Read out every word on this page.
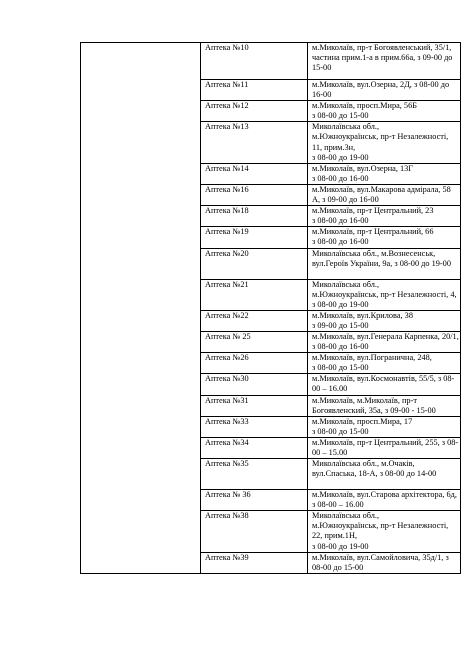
	Аптека №10	м.Миколаїв, пр-т Богоявленський, 35/1, частина прим.1-а в прим.66а, з 09-00 до 15-00
	Аптека №11	м.Миколаїв, вул.Озерна, 2Д, з 08-00 до 16-00
	Аптека №12	м.Миколаїв, просп.Мира, 56Б
з 08-00 до 15-00
	Аптека №13	Миколаївська обл.,
м.Южноукраїнськ, пр-т Незалежності, 11, прим.3н,
з 08-00 до 19-00
	Аптека №14	м.Миколаїв, вул.Озерна, 13Г
з 08-00 до 16-00
	Аптека №16	м.Миколаїв, вул.Макарова адмірала, 58 А, з 09-00 до 16-00
	Аптека №18	м.Миколаїв, пр-т Центральний, 23
з 08-00 до 16-00
	Аптека №19	м.Миколаїв, пр-т Центральний, 66
з 08-00 до 16-00
	Аптека №20	Миколаївська обл., м.Вознесенськ, вул.Героїв України, 9а, з 08-00 до 19-00
	Аптека №21	Миколаївська обл.,
м.Южноукраїнськ, пр-т Незалежності, 4, з 08-00 до 19-00
	Аптека №22	м.Миколаїв, вул.Крилова, 38
з 09-00 до 15-00
	Аптека № 25	м.Миколаїв, вул.Генерала Карпенка, 20/1, з 08-00 до 16-00
	Аптека №26	м.Миколаїв, вул.Погранична, 248,
з 08-00 до 15-00
	Аптека №30	м.Миколаїв, вул.Космонавтів, 55/5, з 08-00 – 16.00
	Аптека №31	м.Миколаїв, м.Миколаїв, пр-т Богоявленский, 35а, з 09-00 - 15-00
	Аптека №33	м.Миколаїв, просп.Мира, 17
з 08-00 до 15-00
	Аптека №34	м.Миколаїв, пр-т Центральний, 255, з 08-00 – 15.00
	Аптека №35	Миколаївська обл., м.Очаків, вул.Спаська, 18-А, з 08-00 до 14-00
	Аптека № 36	м.Миколаїв, вул.Старова архітектора, 6д, з 08-00 – 16.00
	Аптека №38	Миколаївська обл.,
м.Южноукраїнськ, пр-т Незалежності, 22, прим.1Н,
з 08-00 до 19-00
	Аптека №39	м.Миколаїв, вул.Самойловича, 35д/1, з 08-00 до 15-00
